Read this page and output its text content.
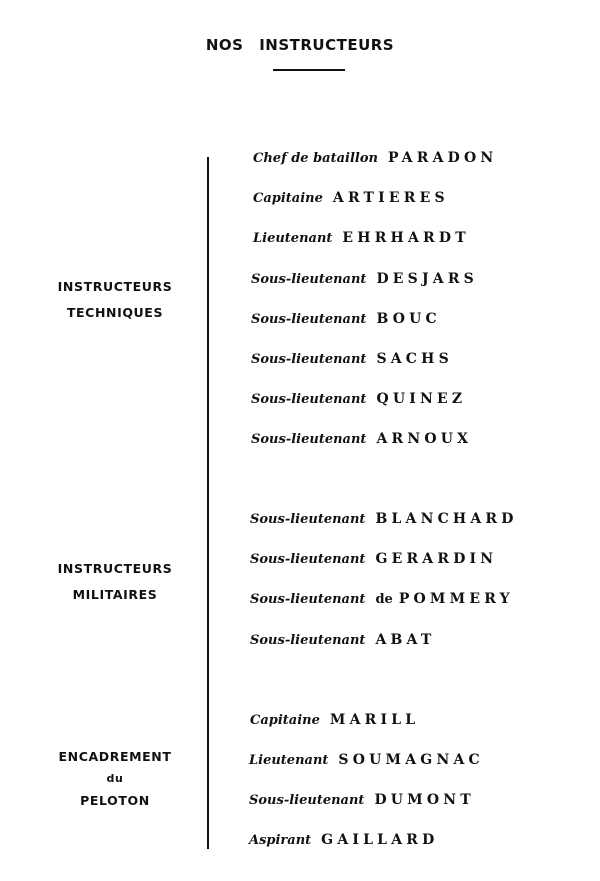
NOS INSTRUCTEURS
INSTRUCTEURS
TECHNIQUES
INSTRUCTEURS
MILITAIRES
ENCADREMENT
du
PELOTON
Chef de bataillon PARADON
Capitaine ARTIERES
Lieutenant EHRHARDT
Sous-lieutenant DESJARS
Sous-lieutenant BOUC
Sous-lieutenant SACHS
Sous-lieutenant QUINEZ
Sous-lieutenant ARNOUX
Sous-lieutenant BLANCHARD
Sous-lieutenant GERARDIN
Sous-lieutenant de POMMERY
Sous-lieutenant ABAT
Capitaine MARILL
Lieutenant SOUMAGNAC
Sous-lieutenant DUMONT
Aspirant GAILLARD
